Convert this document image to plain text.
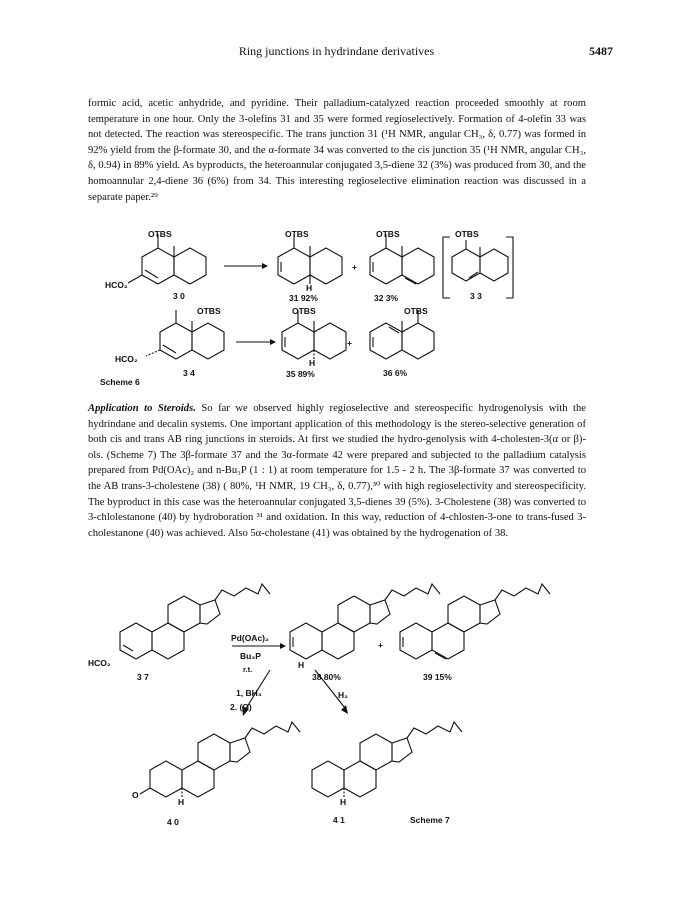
Ring junctions in hydrindane derivatives	5487
formic acid, acetic anhydride, and pyridine. Their palladium-catalyzed reaction proceeded smoothly at room temperature in one hour. Only the 3-olefins 31 and 35 were formed regioselectively. Formation of 4-olefin 33 was not detected. The reaction was stereospecific. The trans junction 31 (¹H NMR, angular CH₃, δ, 0.77) was formed in 92% yield from the β-formate 30, and the α-formate 34 was converted to the cis junction 35 (¹H NMR, angular CH₃, δ, 0.94) in 89% yield. As byproducts, the heteroannular conjugated 3,5-diene 32 (3%) was produced from 30, and the homoannular 2,4-diene 36 (6%) from 34. This interesting regioselective elimination reaction was discussed in a separate paper.²⁹
OTBS	OTBS	OTBS	OTBS
HCO₂
3 0
H
31 92%
+
32 3%	3 3
OTBS	OTBS	OTBS
HCO₂
3 4
H
+
35 89%	36 6%
Scheme 6
Application to Steroids. So far we observed highly regioselective and stereospecific hydrogenolysis with the hydrindane and decalin systems. One important application of this methodology is the stereo-selective generation of both cis and trans AB ring junctions in steroids. At first we studied the hydro-genolysis with 4-cholesten-3(α or β)-ols. (Scheme 7) The 3β-formate 37 and the 3α-formate 42 were prepared and subjected to the palladium catalysis prepared from Pd(OAc)₂ and n-Bu₃P (1 : 1) at room temperature for 1.5 - 2 h. The 3β-formate 37 was converted to the AB trans-3-cholestene (38) ( 80%, ¹H NMR, 19 CH₃, δ, 0.77),³⁰ with high regioselectivity and stereospecificity. The byproduct in this case was the heteroannular conjugated 3,5-dienes 39 (5%). 3-Cholestene (38) was converted to 3-chlolestanone (40) by hydroboration ³¹ and oxidation. In this way, reduction of 4-chlosten-3-one to trans-fused 3-cholestanone (40) was achieved. Also 5α-cholestane (41) was obtained by the hydrogenation of 38.
HCO₂
3 7
Pd(OAc)₂
Bu₃P
r.t.	H
38 80%
+
39 15%
1, BH₃
2. (O)
H₂
O
H
4 0
H
4 1	Scheme 7
